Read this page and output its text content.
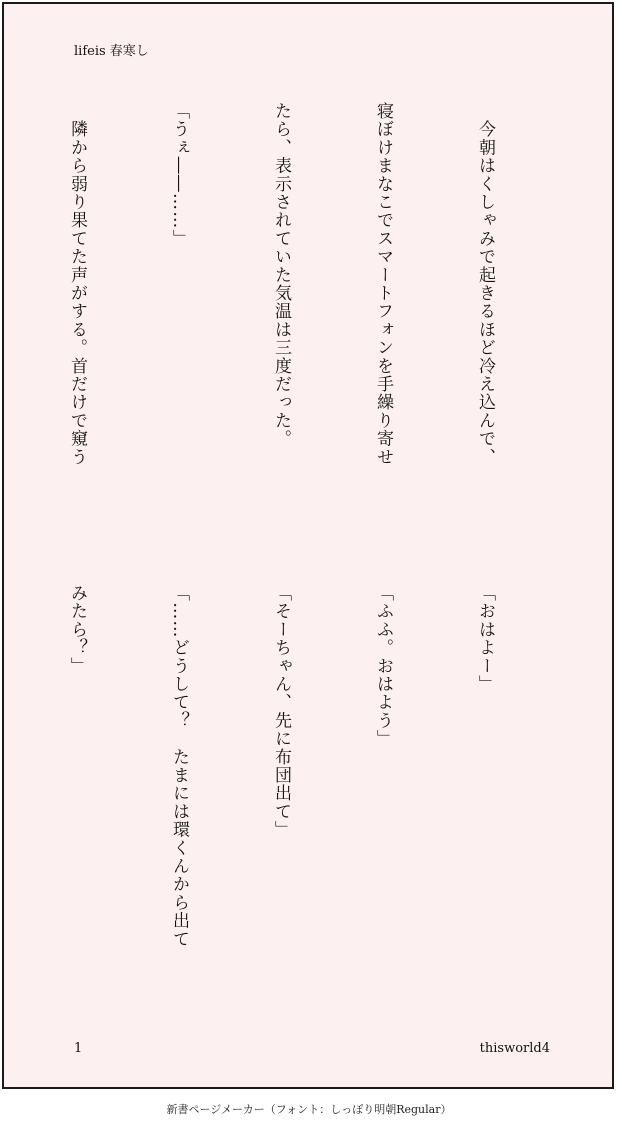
lifeis 春寒し

　今朝はくしゃみで起きるほど冷え込んで、

寝ぼけまなこでスマートフォンを手繰り寄せ

たら、表示されていた気温は三度だった。

「うぇ――……」

　隣から弱り果てた声がする。首だけで窺う

「おはよー」

「ふふ。おはよう」

「そーちゃん、先に布団出て」

「……どうして？　たまには環くんから出て

みたら？」

1	thisworld4
新書ページメーカー（フォント：しっぽり明朝Regular）
